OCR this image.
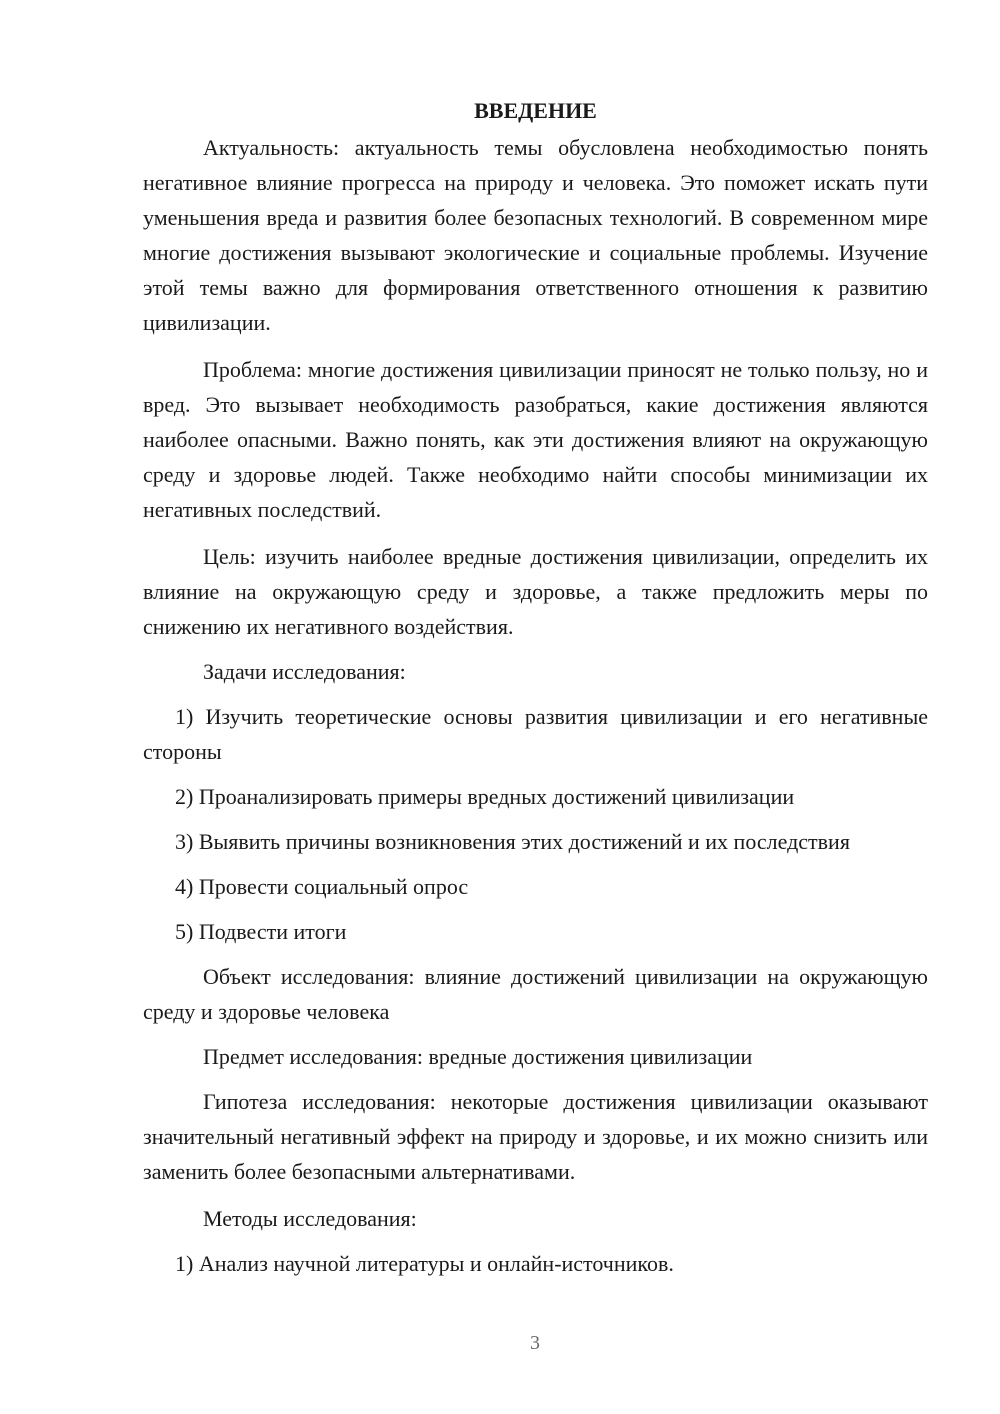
ВВЕДЕНИЕ

Актуальность: актуальность темы обусловлена необходимостью понять негативное влияние прогресса на природу и человека. Это поможет искать пути уменьшения вреда и развития более безопасных технологий. В современном мире многие достижения вызывают экологические и социальные проблемы. Изучение этой темы важно для формирования ответственного отношения к развитию цивилизации.

Проблема: многие достижения цивилизации приносят не только пользу, но и вред. Это вызывает необходимость разобраться, какие достижения являются наиболее опасными. Важно понять, как эти достижения влияют на окружающую среду и здоровье людей. Также необходимо найти способы минимизации их негативных последствий.

Цель: изучить наиболее вредные достижения цивилизации, определить их влияние на окружающую среду и здоровье, а также предложить меры по снижению их негативного воздействия.

Задачи исследования:

1) Изучить теоретические основы развития цивилизации и его негативные стороны

2) Проанализировать примеры вредных достижений цивилизации

3) Выявить причины возникновения этих достижений и их последствия

4) Провести социальный опрос

5) Подвести итоги

Объект исследования: влияние достижений цивилизации на окружающую среду и здоровье человека

Предмет исследования: вредные достижения цивилизации

Гипотеза исследования: некоторые достижения цивилизации оказывают значительный негативный эффект на природу и здоровье, и их можно снизить или заменить более безопасными альтернативами.

Методы исследования:

1) Анализ научной литературы и онлайн-источников.

3
